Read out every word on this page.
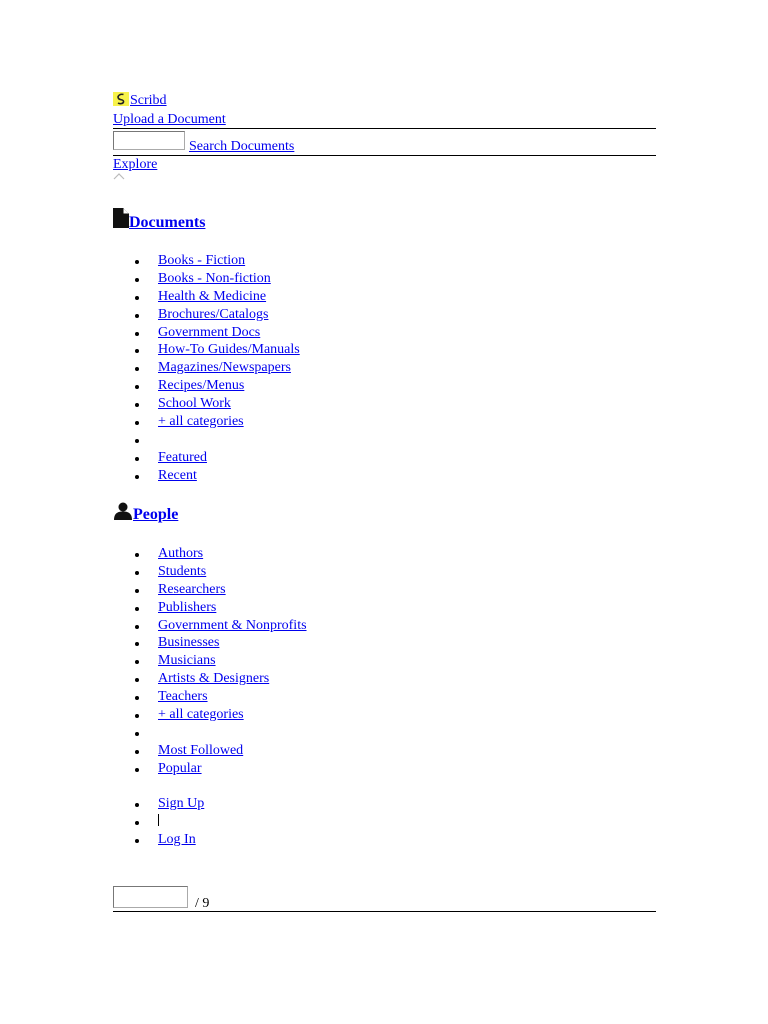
Scribd
Upload a Document
Search Documents
Explore
Documents
Books - Fiction
Books - Non-fiction
Health & Medicine
Brochures/Catalogs
Government Docs
How-To Guides/Manuals
Magazines/Newspapers
Recipes/Menus
School Work
+ all categories
Featured
Recent
People
Authors
Students
Researchers
Publishers
Government & Nonprofits
Businesses
Musicians
Artists & Designers
Teachers
+ all categories
Most Followed
Popular
Sign Up
Log In
/ 9
